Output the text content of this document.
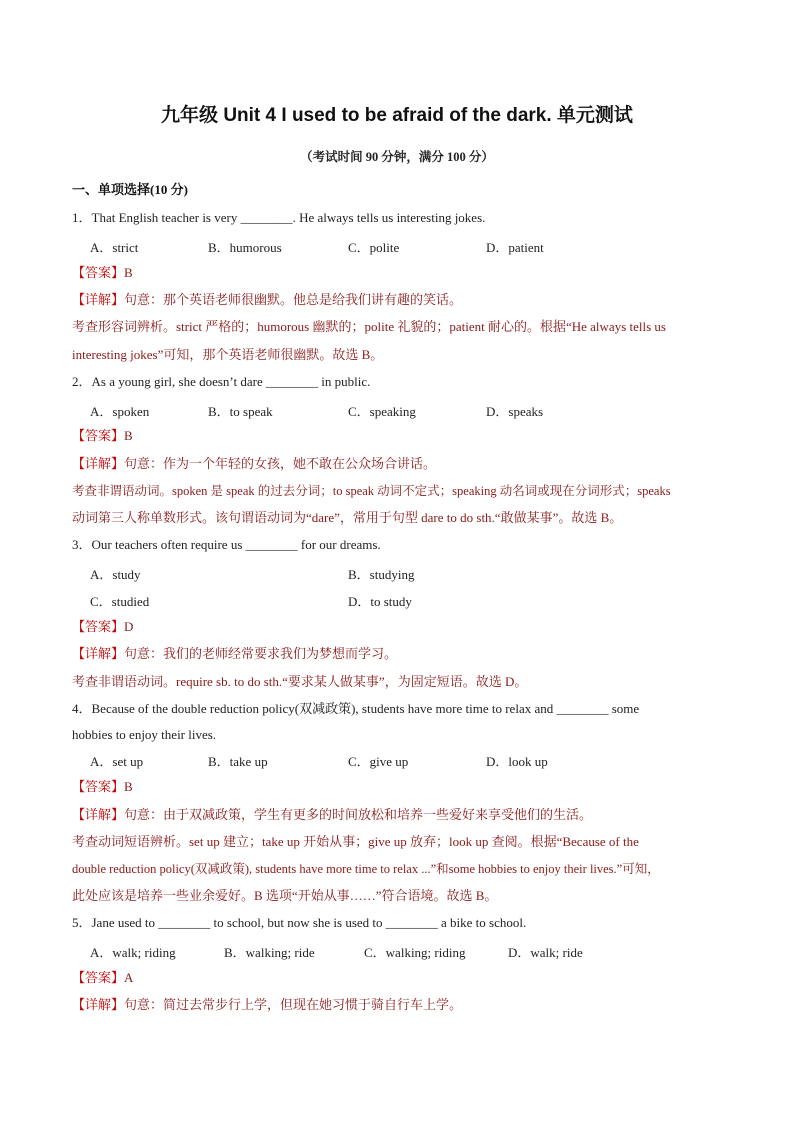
九年级 Unit 4 I used to be afraid of the dark. 单元测试
（考试时间 90 分钟，满分 100 分）
一、单项选择(10 分)
1．That English teacher is very ________. He always tells us interesting jokes.
A．strict	B．humorous	C．polite	D．patient
【答案】B
【详解】句意：那个英语老师很幽默。他总是给我们讲有趣的笑话。
考查形容词辨析。strict 严格的；humorous 幽默的；polite 礼貌的；patient 耐心的。根据“He always tells us
interesting jokes”可知，那个英语老师很幽默。故选 B。
2．As a young girl, she doesn’t dare ________ in public.
A．spoken	B．to speak	C．speaking	D．speaks
【答案】B
【详解】句意：作为一个年轻的女孩，她不敢在公众场合讲话。
考查非谓语动词。spoken 是 speak 的过去分词；to speak 动词不定式；speaking 动名词或现在分词形式；speaks
动词第三人称单数形式。该句谓语动词为“dare”，常用于句型 dare to do sth.“敢做某事”。故选 B。
3．Our teachers often require us ________ for our dreams.
A．study	B．studying
C．studied	D．to study
【答案】D
【详解】句意：我们的老师经常要求我们为梦想而学习。
考查非谓语动词。require sb. to do sth.“要求某人做某事”，为固定短语。故选 D。
4．Because of the double reduction policy(双减政策), students have more time to relax and ________ some
hobbies to enjoy their lives.
A．set up	B．take up	C．give up	D．look up
【答案】B
【详解】句意：由于双减政策，学生有更多的时间放松和培养一些爱好来享受他们的生活。
考查动词短语辨析。set up 建立；take up 开始从事；give up 放弃；look up 查阅。根据“Because of the
double reduction policy(双减政策), students have more time to relax ...”和some hobbies to enjoy their lives.”可知，
此处应该是培养一些业余爱好。B 选项“开始从事……”符合语境。故选 B。
5．Jane used to ________ to school, but now she is used to ________ a bike to school.
A．walk; riding	B．walking; ride	C．walking; riding	D．walk; ride
【答案】A
【详解】句意：简过去常步行上学，但现在她习惯于骑自行车上学。
